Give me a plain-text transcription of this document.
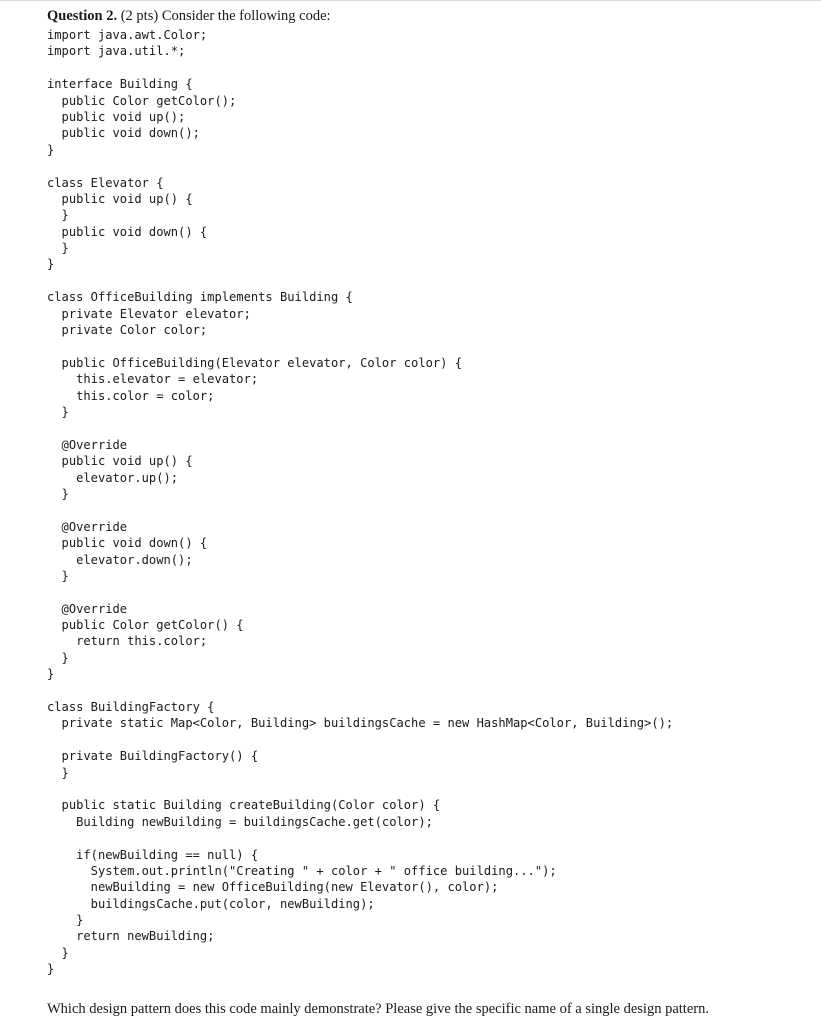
Question 2. (2 pts) Consider the following code:
import java.awt.Color;
import java.util.*;
interface Building {
public Color getColor();
public void up();
public void down();
}
class Elevator {
public void up() {
}
public void down() {
}
}
class OfficeBuilding implements Building {
private Elevator elevator;
private Color color;
public OfficeBuilding(Elevator elevator, Color color) {
this.elevator = elevator;
this.color = color;
}
@Override
public void up() {
elevator.up();
}
@Override
public void down() {
elevator.down();
}
@Override
public Color getColor() {
return this.color;
}
}
class BuildingFactory {
private static Map<Color, Building> buildingsCache = new HashMap<Color, Building>();
private BuildingFactory() {
}
public static Building createBuilding(Color color) {
Building newBuilding = buildingsCache.get(color);
if(newBuilding == null) {
System.out.println("Creating " + color + " office building...");
newBuilding = new OfficeBuilding(new Elevator(), color);
buildingsCache.put(color, newBuilding);
}
return newBuilding;
}
}
Which design pattern does this code mainly demonstrate? Please give the specific name of a single design pattern.
